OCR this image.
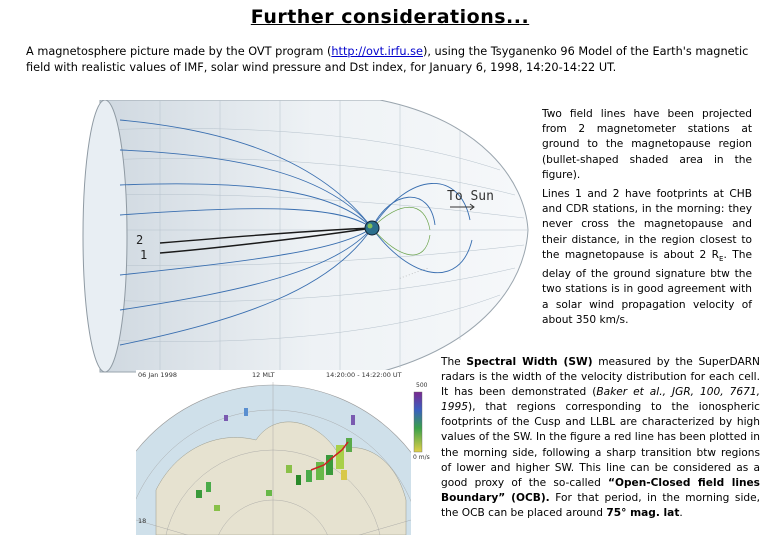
Further considerations...
A magnetosphere picture made by the OVT program (http://ovt.irfu.se), using the Tsyganenko 96 Model of the Earth's magnetic field with realistic values of IMF, solar wind pressure and Dst index, for January 6, 1998, 14:20-14:22 UT.
· · · · · · · · · ·
To Sun
2
1
06 Jan 1998	12 MLT	14:20:00 - 14:22:00 UT
500
0 m/s
18
Two field lines have been projected from 2 magnetometer stations at ground to the magnetopause region (bullet-shaped shaded area in the figure).
Lines 1 and 2 have footprints at CHB and CDR stations, in the morning: they never cross the magnetopause and their distance, in the region closest to the magnetopause is about 2 $R_E$. The delay of the ground signature btw the two stations is in good agreement with a solar wind propagation velocity of about 350 km/s.
The Spectral Width (SW) measured by the SuperDARN radars is the width of the velocity distribution for each cell. It has been demonstrated (Baker et al., JGR, 100, 7671, 1995), that regions corresponding to the ionospheric footprints of the Cusp and LLBL are characterized by high values of the SW. In the figure a red line has been plotted in the morning side, following a sharp transition btw regions of lower and higher SW. This line can be considered as a good proxy of the so-called “Open-Closed field lines Boundary” (OCB). For that period, in the morning side, the OCB can be placed around 75° mag. lat.
